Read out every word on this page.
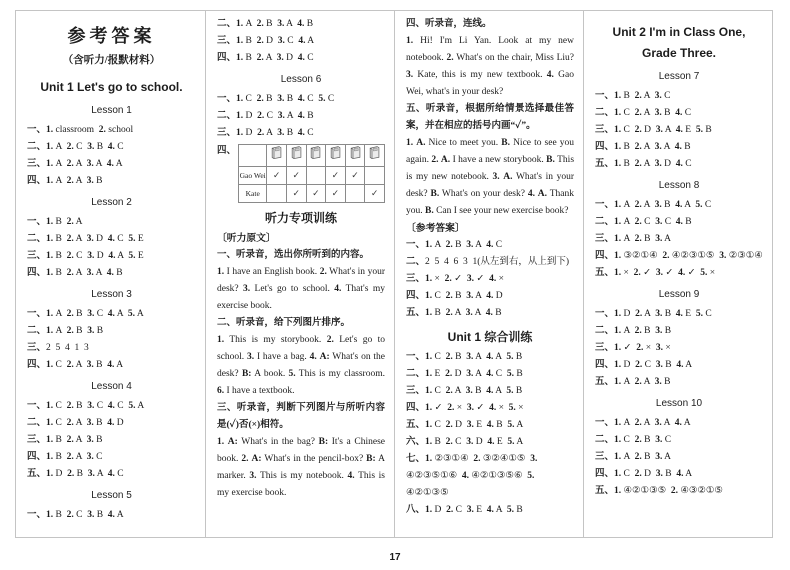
参考答案
（含听力/报默材料）
Unit 1 Let's go to school.
Lesson 1
一、1. classroom  2. school
二、1. A  2. C  3. B  4. C
三、1. A  2. A  3. A  4. A
四、1. A  2. A  3. B
Lesson 2
一、1. B  2. A
二、1. B  2. A  3. D  4. C  5. E
三、1. B  2. C  3. D  4. A  5. E
四、1. B  2. A  3. A  4. B
Lesson 3
一、1. A  2. B  3. C  4. A  5. A
二、1. A  2. B  3. B
三、2  5  4  1  3
四、1. C  2. A  3. B  4. A
Lesson 4
一、1. C  2. B  3. C  4. C  5. A
二、1. C  2. A  3. B  4. D
三、1. B  2. A  3. B
四、1. B  2. A  3. C
五、1. D  2. B  3. A  4. C
Lesson 5
一、1. B  2. C  3. B  4. A
二、1. A  2. B  3. A  4. B
三、1. B  2. D  3. C  4. A
四、1. B  2. A  3. D  4. C
Lesson 6
一、1. C  2. B  3. B  4. C  5. C
二、1. D  2. C  3. A  4. B
三、1. D  2. A  3. B  4. C
四、

Gao Wei	✓	✓		✓	✓	
Kate		✓	✓	✓		✓
听力专项训练
〔听力原文〕
一、听录音，选出你所听到的内容。
1. I have an English book. 2. What's in your desk? 3. Let's go to school. 4. That's my exercise book.
二、听录音，给下列图片排序。
1. This is my storybook. 2. Let's go to school. 3. I have a bag. 4. A: What's on the desk? B: A book. 5. This is my classroom. 6. I have a textbook.
三、听录音，判断下列图片与所听内容是(✓)否(×)相符。
1. A: What's in the bag? B: It's a Chinese book. 2. A: What's in the pencil-box? B: A marker. 3. This is my notebook. 4. This is my exercise book.
四、听录音，连线。
1. Hi! I'm Li Yan. Look at my new notebook. 2. What's on the chair, Miss Liu? 3. Kate, this is my new textbook. 4. Gao Wei, what's in your desk?
五、听录音，根据所给情景选择最佳答案，并在相应的括号内画“✓”。
1. A. Nice to meet you. B. Nice to see you again. 2. A. I have a new storybook. B. This is my new notebook. 3. A. What's in your desk? B. What's on your desk? 4. A. Thank you. B. Can I see your new exercise book?
〔参考答案〕
一、1. A  2. B  3. A  4. C
二、2  5  4  6  3  1(从左到右，从上到下)
三、1. ×  2. ✓  3. ✓  4. ×
四、1. C  2. B  3. A  4. D
五、1. B  2. A  3. A  4. B
Unit 1 综合训练
一、1. C  2. B  3. A  4. A  5. B
二、1. E  2. D  3. A  4. C  5. B
三、1. C  2. A  3. B  4. A  5. B
四、1. ✓  2. ×  3. ✓  4. ×  5. ×
五、1. C  2. D  3. E  4. B  5. A
六、1. B  2. C  3. D  4. E  5. A
七、1. ②③①④  2. ③②④①⑤  3. ④②③⑤①⑥  4. ④②①③⑤⑥  5. ④②①③⑤
八、1. D  2. C  3. E  4. A  5. B
Unit 2 I'm in Class One,
Grade Three.
Lesson 7
一、1. B  2. A  3. C
二、1. C  2. A  3. B  4. C
三、1. C  2. D  3. A  4. E  5. B
四、1. B  2. A  3. A  4. B
五、1. B  2. A  3. D  4. C
Lesson 8
一、1. A  2. A  3. B  4. A  5. C
二、1. A  2. C  3. C  4. B
三、1. A  2. B  3. A
四、1. ③②①④  2. ④②③①⑤  3. ②③①④
五、1. ×  2. ✓  3. ✓  4. ✓  5. ×
Lesson 9
一、1. D  2. A  3. B  4. E  5. C
二、1. A  2. B  3. B
三、1. ✓  2. ×  3. ×
四、1. D  2. C  3. B  4. A
五、1. A  2. A  3. B
Lesson 10
一、1. A  2. A  3. A  4. A
二、1. C  2. B  3. C
三、1. A  2. B  3. A
四、1. C  2. D  3. B  4. A
五、1. ④②①③⑤  2. ④③②①⑤
17
